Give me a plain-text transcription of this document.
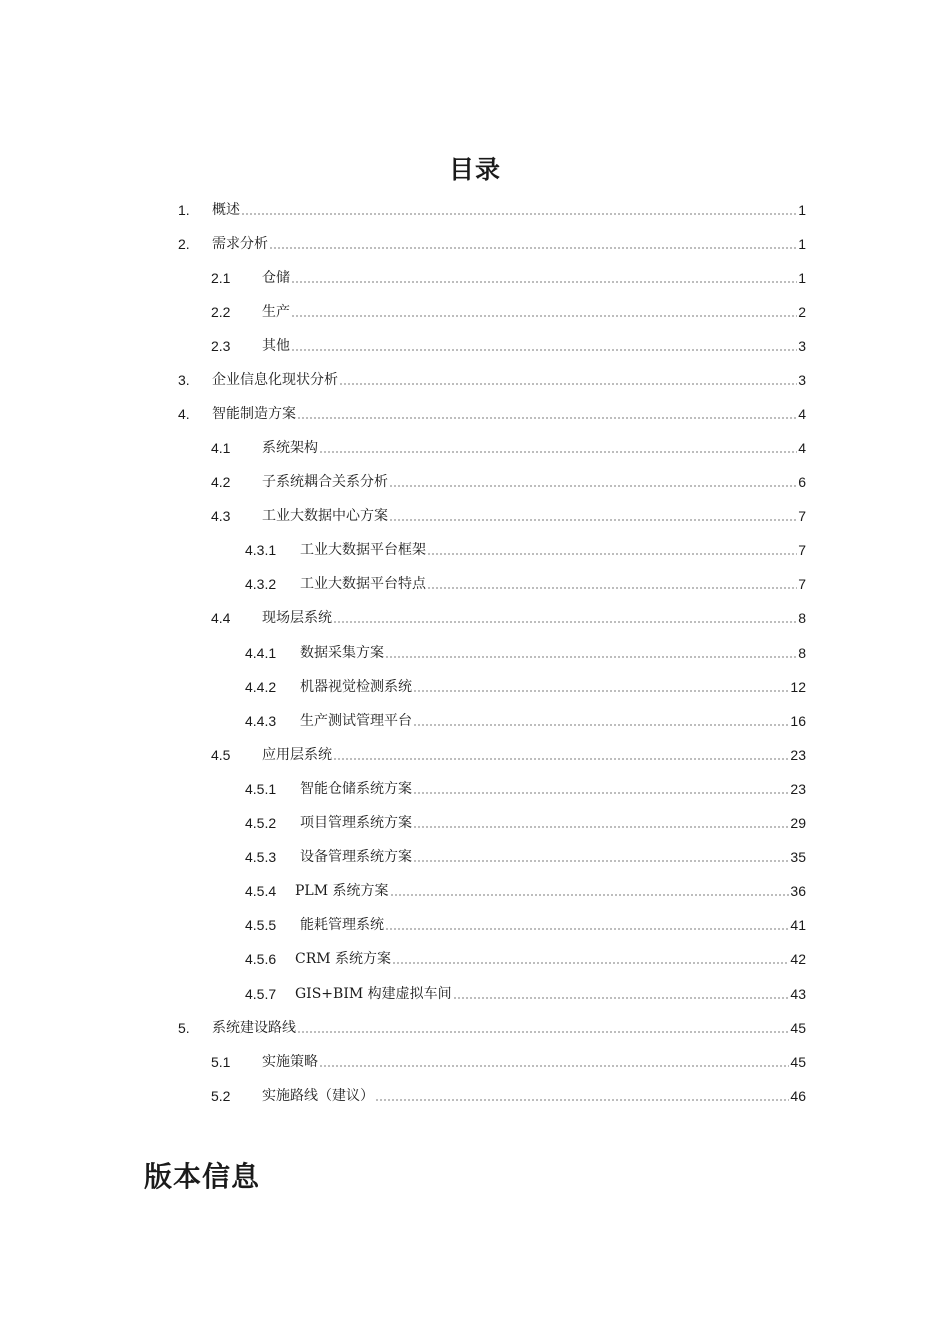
目录
1.	概述	1
2.	需求分析	1
2.1	仓储	1
2.2	生产	2
2.3	其他	3
3.	企业信息化现状分析	3
4.	智能制造方案	4
4.1	系统架构	4
4.2	子系统耦合关系分析	6
4.3	工业大数据中心方案	7
4.3.1	工业大数据平台框架	7
4.3.2	工业大数据平台特点	7
4.4	现场层系统	8
4.4.1	数据采集方案	8
4.4.2	机器视觉检测系统	12
4.4.3	生产测试管理平台	16
4.5	应用层系统	23
4.5.1	智能仓储系统方案	23
4.5.2	项目管理系统方案	29
4.5.3	设备管理系统方案	35
4.5.4	PLM 系统方案	36
4.5.5	能耗管理系统	41
4.5.6	CRM 系统方案	42
4.5.7	GIS+BIM 构建虚拟车间	43
5.	系统建设路线	45
5.1	实施策略	45
5.2	实施路线（建议）	46
版本信息
